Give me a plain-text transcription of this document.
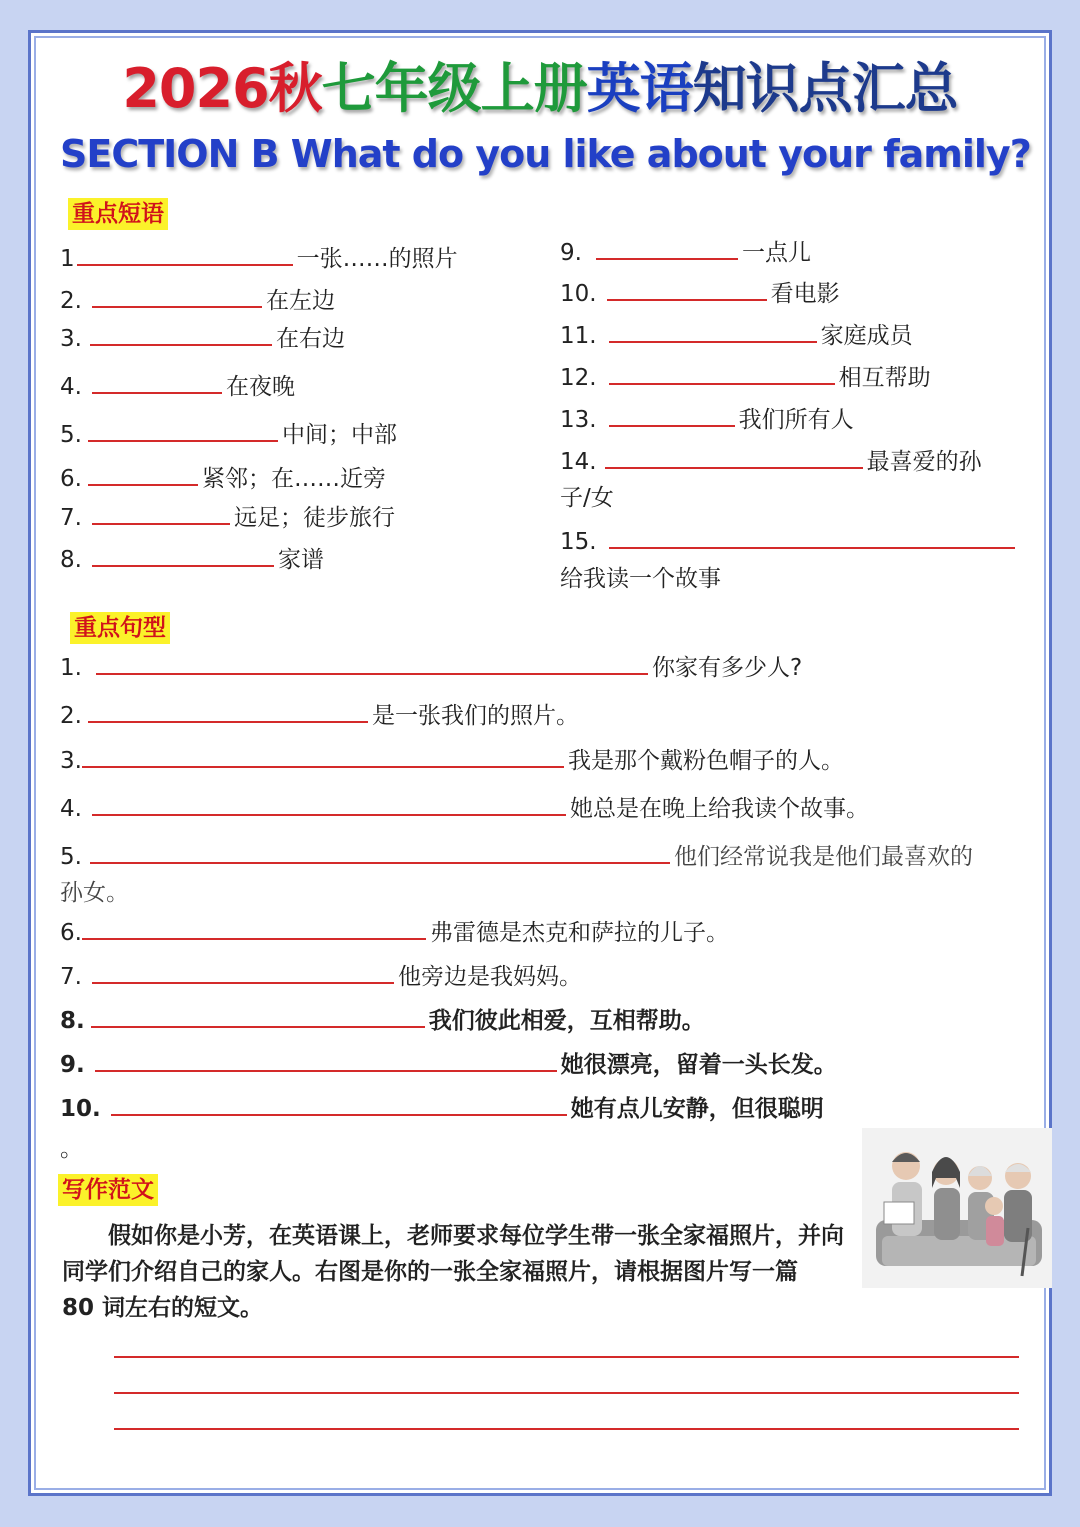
2026秋七年级上册英语知识点汇总
SECTION B What do you like about your family?
重点短语
1	一张……的照片
2.	在左边
3.	在右边
4.	在夜晚
5.	中间；中部
6.	紧邻；在……近旁
7.	远足；徒步旅行
8.	家谱
9.	一点儿
10.	看电影
11.	家庭成员
12.	相互帮助
13.	我们所有人
14.	最喜爱的孙
子/女
15.
给我读一个故事
重点句型
1.	你家有多少人?
2.	是一张我们的照片。
3.	我是那个戴粉色帽子的人。
4.	她总是在晚上给我读个故事。
5.	他们经常说我是他们最喜欢的
孙女。
6.	弗雷德是杰克和萨拉的儿子。
7.	他旁边是我妈妈。
8.	我们彼此相爱，互相帮助。
9.	她很漂亮，留着一头长发。
10.	她有点儿安静，但很聪明
。
写作范文

假如你是小芳，在英语课上，老师要求每位学生带一张全家福照片，并向

同学们介绍自己的家人。右图是你的一张全家福照片，请根据图片写一篇

80 词左右的短文。
